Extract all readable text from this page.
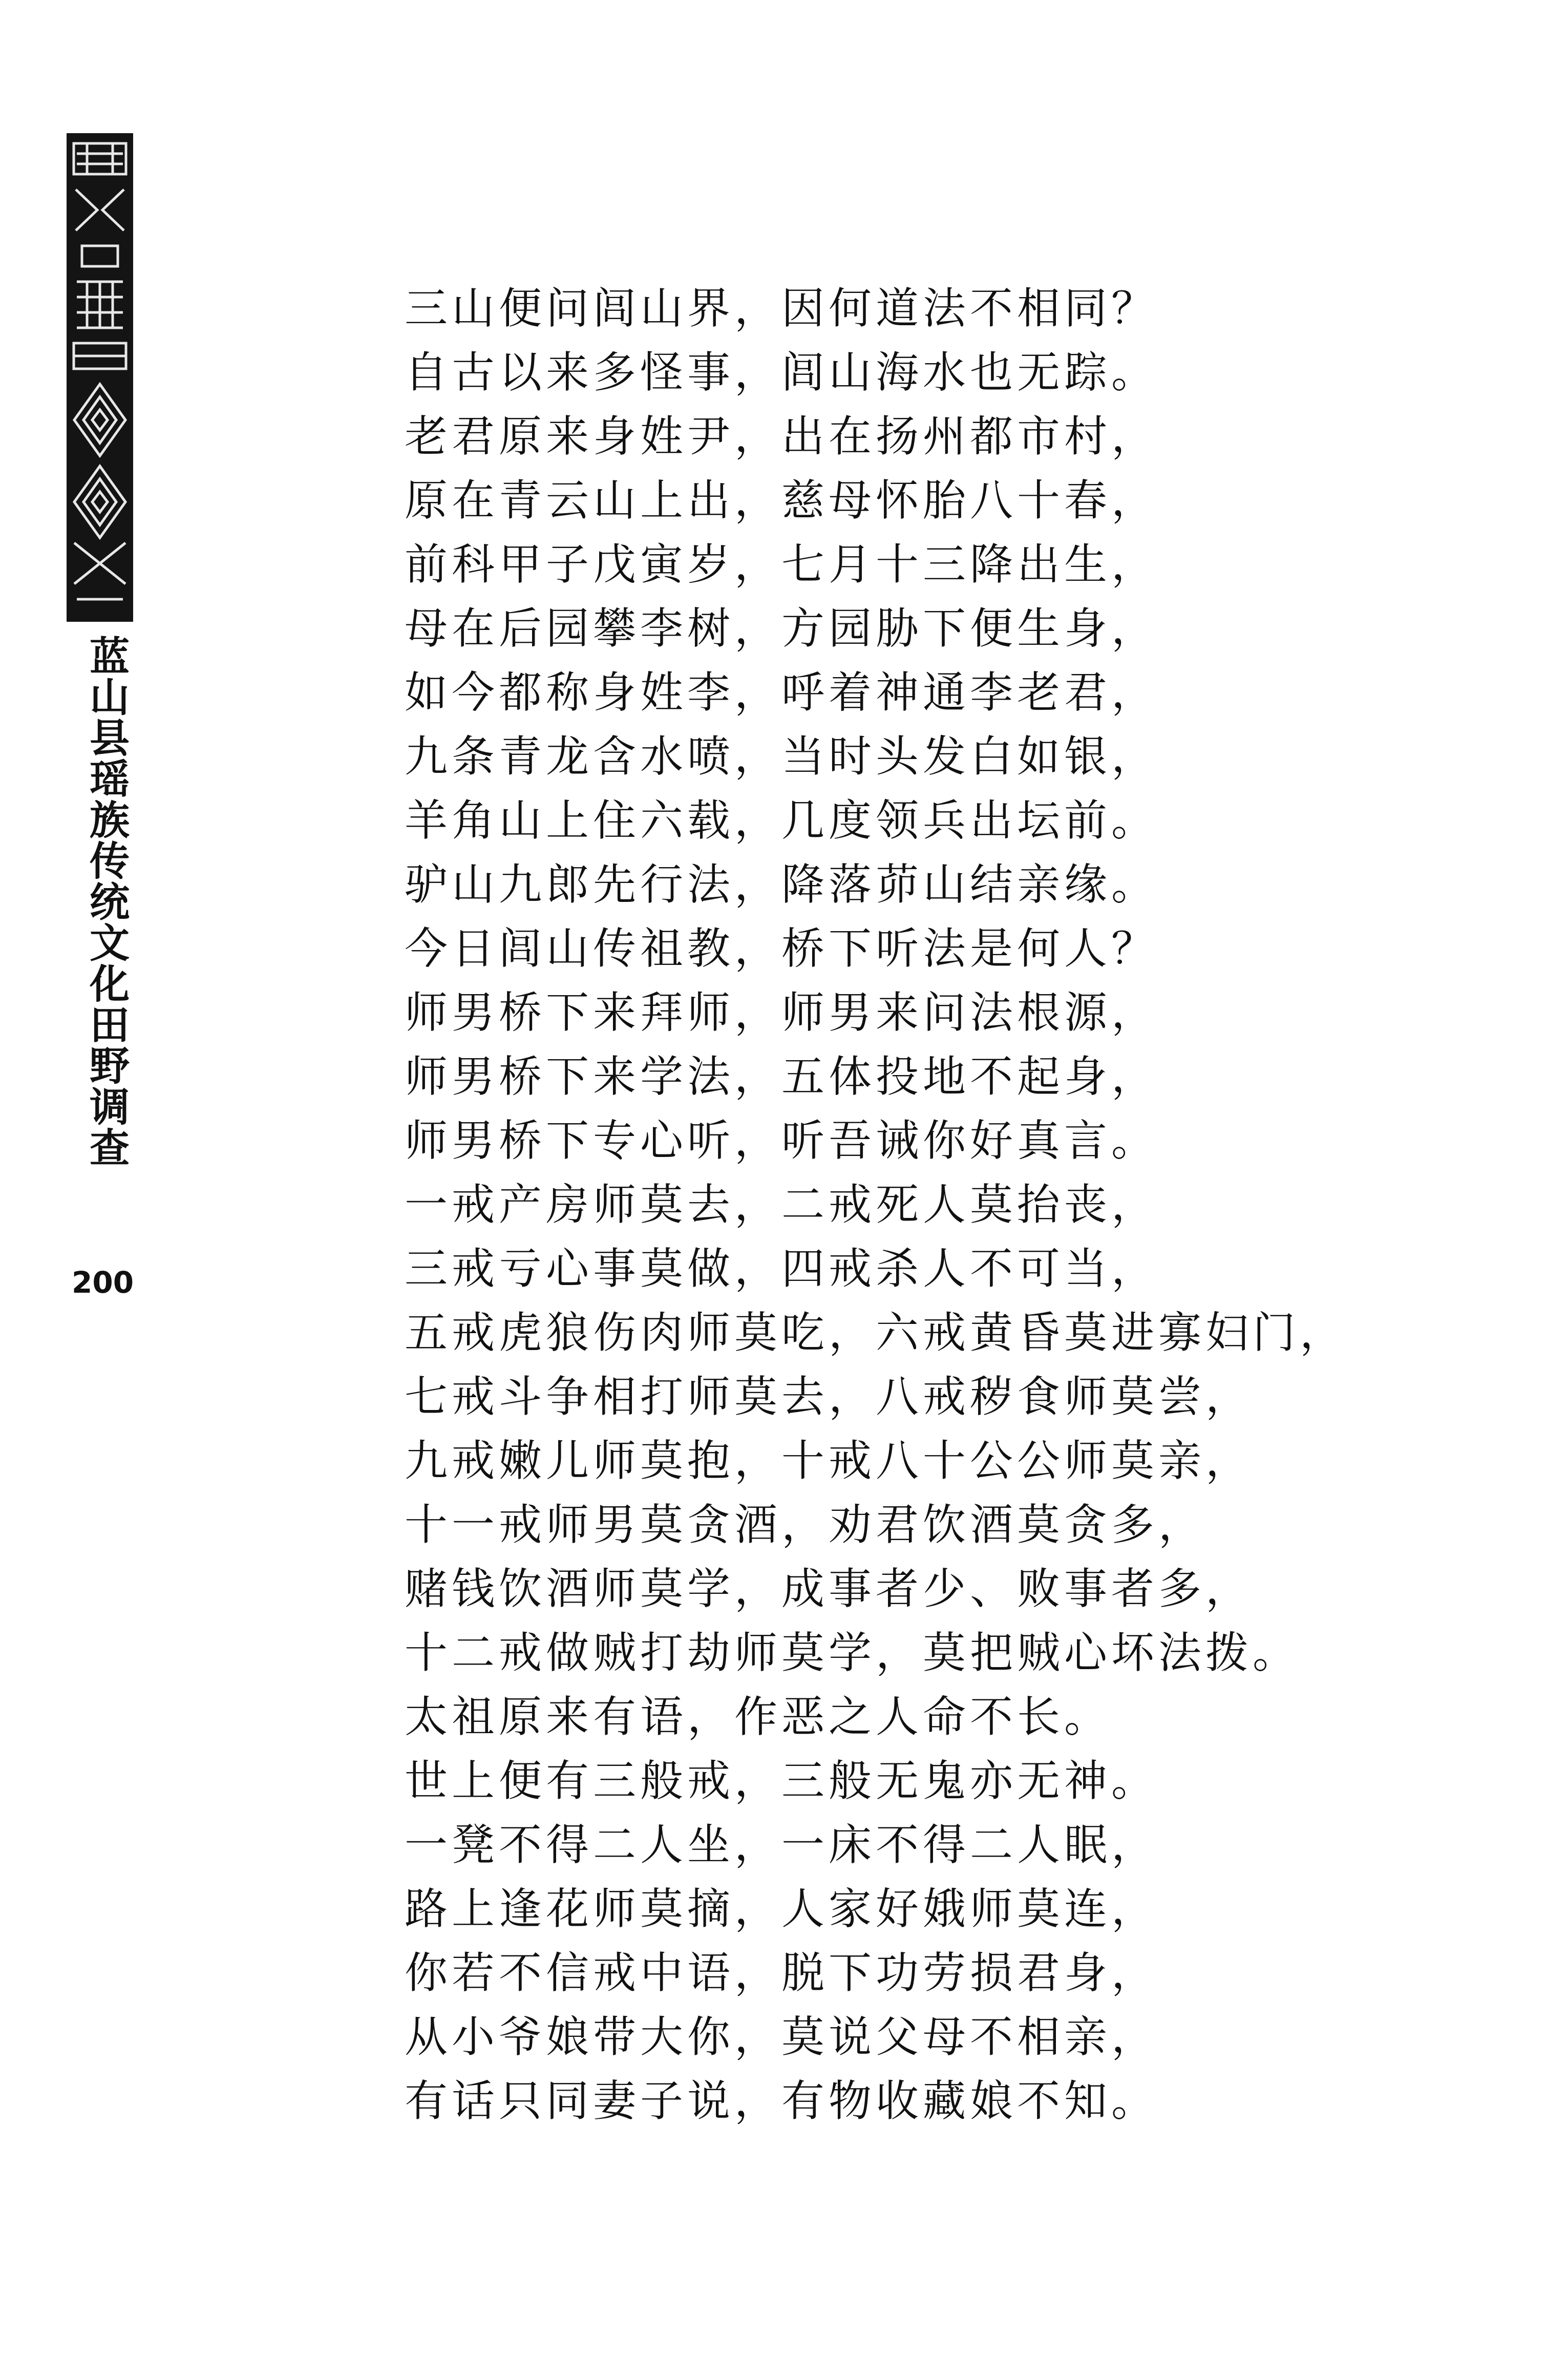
蓝山县瑶族传统文化田野调查
200
三山便问闾山界，因何道法不相同？
自古以来多怪事，闾山海水也无踪。
老君原来身姓尹，出在扬州都市村，
原在青云山上出，慈母怀胎八十春，
前科甲子戊寅岁，七月十三降出生，
母在后园攀李树，方园胁下便生身，
如今都称身姓李，呼着神通李老君，
九条青龙含水喷，当时头发白如银，
羊角山上住六载，几度领兵出坛前。
驴山九郎先行法，降落茆山结亲缘。
今日闾山传祖教，桥下听法是何人？
师男桥下来拜师，师男来问法根源，
师男桥下来学法，五体投地不起身，
师男桥下专心听，听吾诫你好真言。
一戒产房师莫去，二戒死人莫抬丧，
三戒亏心事莫做，四戒杀人不可当，
五戒虎狼伤肉师莫吃，六戒黄昏莫进寡妇门，
七戒斗争相打师莫去，八戒秽食师莫尝，
九戒嫩儿师莫抱，十戒八十公公师莫亲，
十一戒师男莫贪酒，劝君饮酒莫贪多，
赌钱饮酒师莫学，成事者少、败事者多，
十二戒做贼打劫师莫学，莫把贼心坏法拨。
太祖原来有语，作恶之人命不长。
世上便有三般戒，三般无鬼亦无神。
一凳不得二人坐，一床不得二人眠，
路上逢花师莫摘，人家好娥师莫连，
你若不信戒中语，脱下功劳损君身，
从小爷娘带大你，莫说父母不相亲，
有话只同妻子说，有物收藏娘不知。
